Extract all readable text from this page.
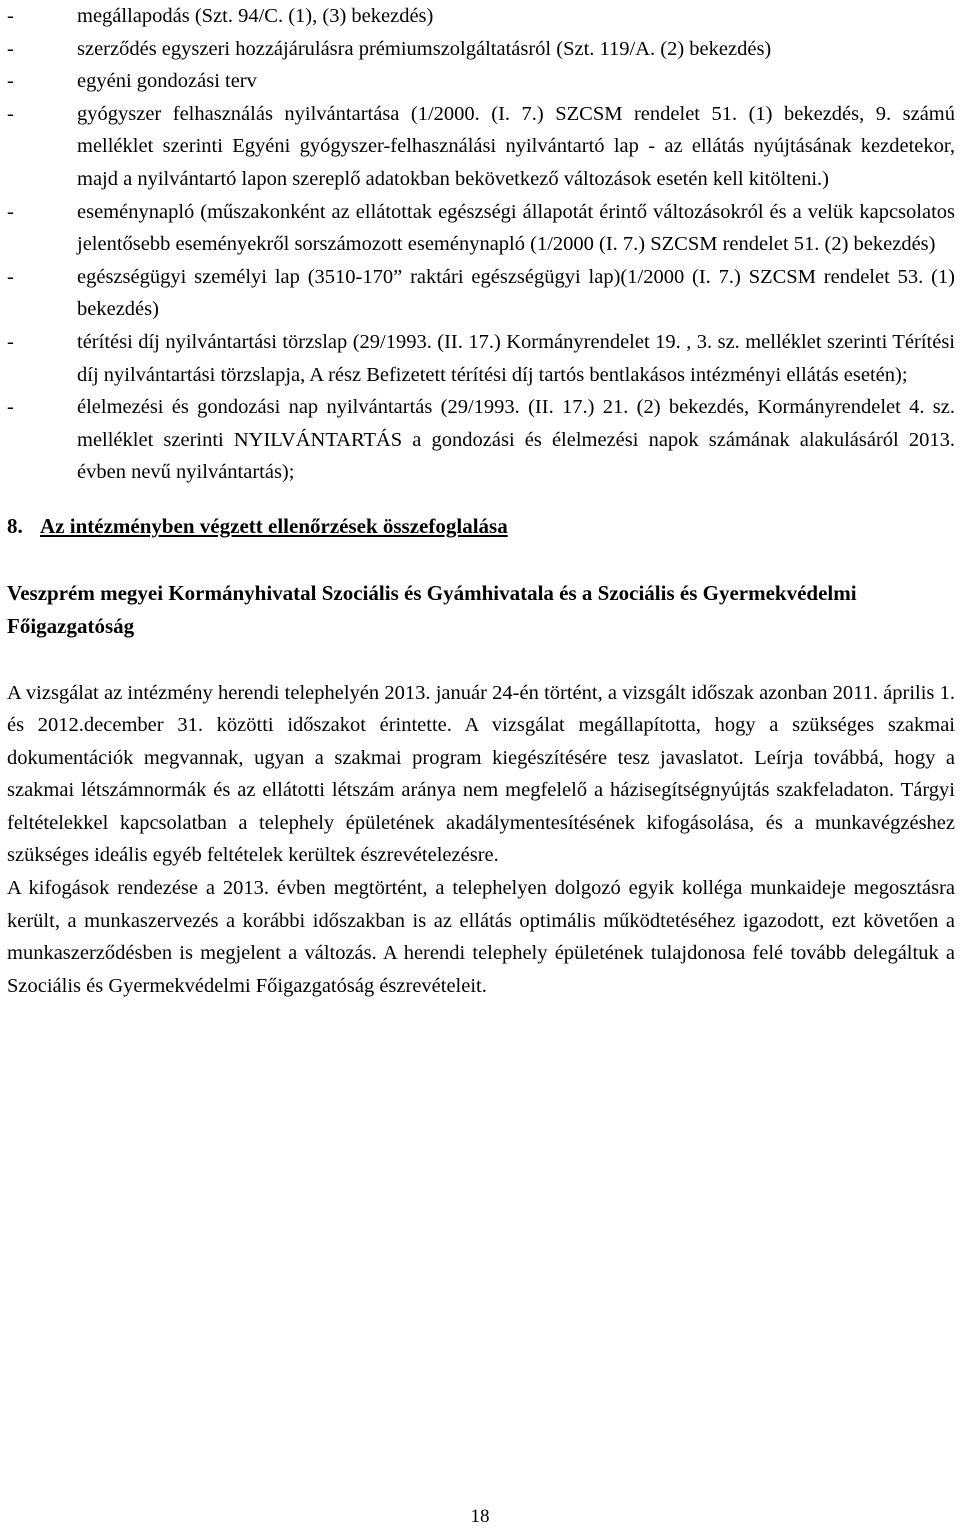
-	megállapodás (Szt. 94/C. (1), (3) bekezdés)
-	szerződés egyszeri hozzájárulásra prémiumszolgáltatásról (Szt. 119/A. (2) bekezdés)
-	egyéni gondozási terv
-	gyógyszer felhasználás nyilvántartása (1/2000. (I. 7.) SZCSM rendelet 51. (1) bekezdés, 9. számú melléklet szerinti Egyéni gyógyszer-felhasználási nyilvántartó lap - az ellátás nyújtásának kezdetekor, majd a nyilvántartó lapon szereplő adatokban bekövetkező változások esetén kell kitölteni.)
-	eseménynapló (műszakonként az ellátottak egészségi állapotát érintő változásokról és a velük kapcsolatos jelentősebb eseményekről sorszámozott eseménynapló (1/2000 (I. 7.) SZCSM rendelet 51. (2) bekezdés)
-	egészségügyi személyi lap (3510-170” raktári egészségügyi lap)(1/2000 (I. 7.) SZCSM rendelet 53. (1) bekezdés)
-	térítési díj nyilvántartási törzslap (29/1993. (II. 17.) Kormányrendelet 19. , 3. sz. melléklet szerinti Térítési díj nyilvántartási törzslapja, A rész Befizetett térítési díj tartós bentlakásos intézményi ellátás esetén);
-	élelmezési és gondozási nap nyilvántartás (29/1993. (II. 17.) 21. (2) bekezdés, Kormányrendelet 4. sz. melléklet szerinti NYILVÁNTARTÁS a gondozási és élelmezési napok számának alakulásáról 2013. évben nevű nyilvántartás);
8. Az intézményben végzett ellenőrzések összefoglalása
Veszprém megyei Kormányhivatal Szociális és Gyámhivatala és a Szociális és Gyermekvédelmi Főigazgatóság

A vizsgálat az intézmény herendi telephelyén 2013. január 24-én történt, a vizsgált időszak azonban 2011. április 1. és 2012.december 31. közötti időszakot érintette. A vizsgálat megállapította, hogy a szükséges szakmai dokumentációk megvannak, ugyan a szakmai program kiegészítésére tesz javaslatot. Leírja továbbá, hogy a szakmai létszámnormák és az ellátotti létszám aránya nem megfelelő a házisegítségnyújtás szakfeladaton. Tárgyi feltételekkel kapcsolatban a telephely épületének akadálymentesítésének kifogásolása, és a munkavégzéshez szükséges ideális egyéb feltételek kerültek észrevételezésre.

A kifogások rendezése a 2013. évben megtörtént, a telephelyen dolgozó egyik kollégа munkaideje megosztásra került, a munkaszervezés a korábbi időszakban is az ellátás optimális működtetéséhez igazodott, ezt követően a munkaszerződésben is megjelent a változás. A herendi telephely épületének tulajdonosa felé tovább delegáltuk a Szociális és Gyermekvédelmi Főigazgatóság észrevételeit.

18
